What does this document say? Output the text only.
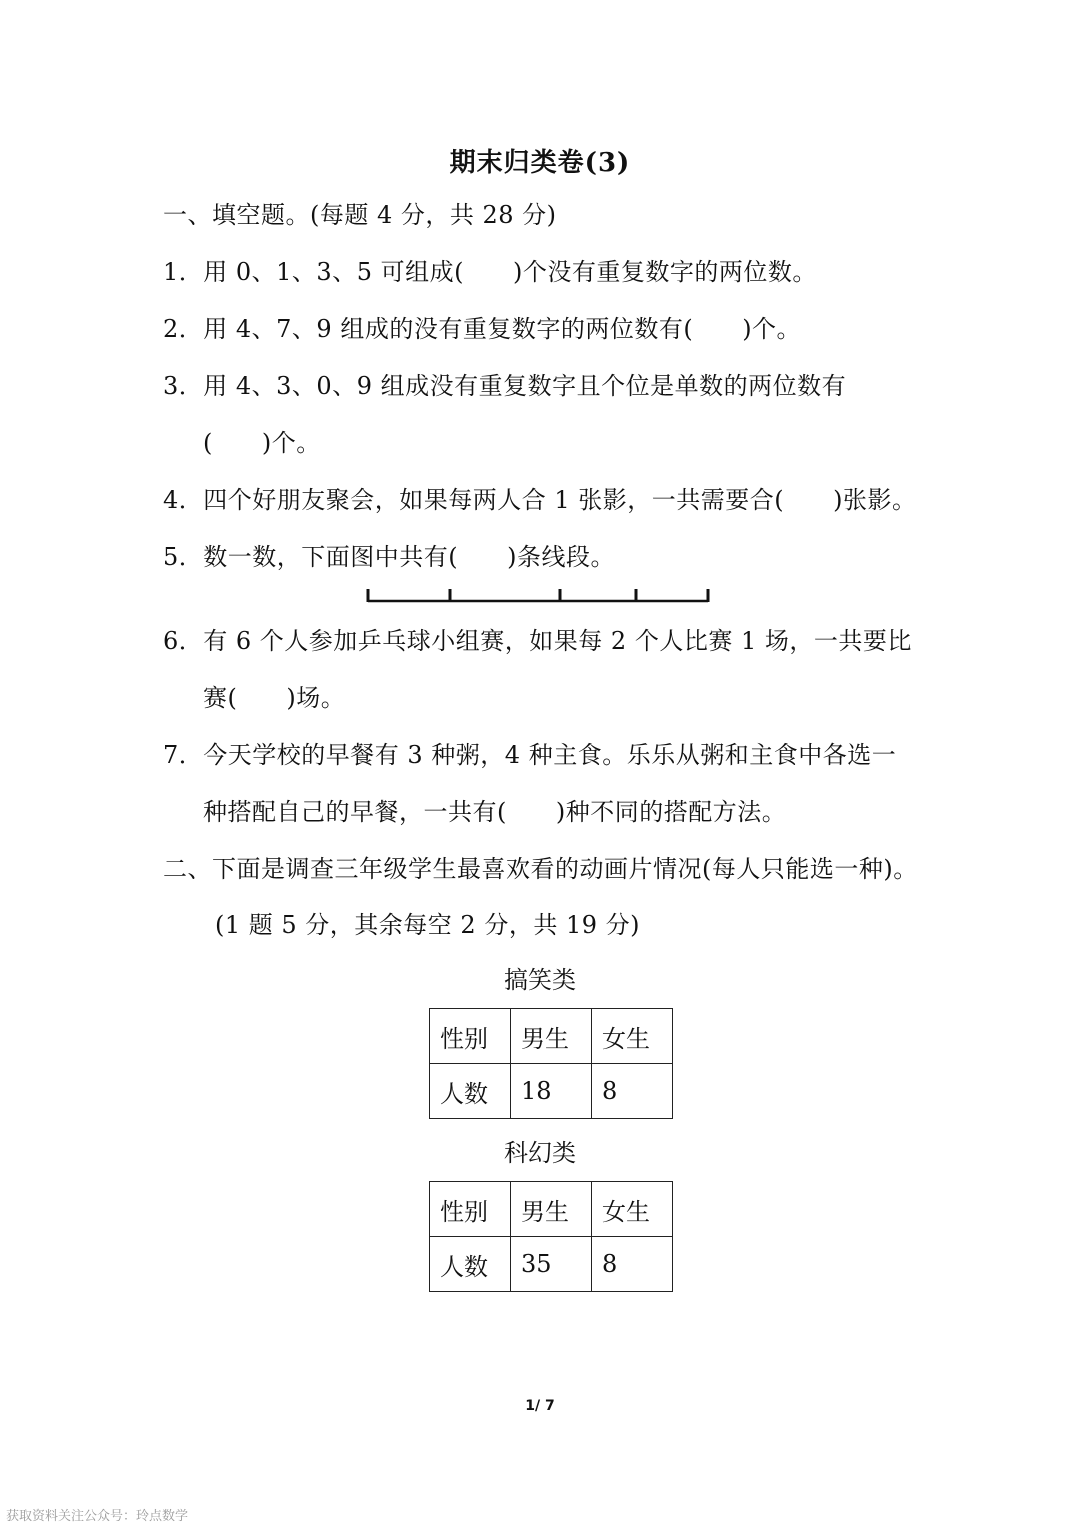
期末归类卷(3)
一、填空题。(每题 4 分，共 28 分)
1．用 0、1、3、5 可组成(　　)个没有重复数字的两位数。
2．用 4、7、9 组成的没有重复数字的两位数有(　　)个。
3．用 4、3、0、9 组成没有重复数字且个位是单数的两位数有
(　　)个。
4．四个好朋友聚会，如果每两人合 1 张影，一共需要合(　　)张影。
5．数一数，下面图中共有(　　)条线段。
6．有 6 个人参加乒乓球小组赛，如果每 2 个人比赛 1 场，一共要比
赛(　　)场。
7．今天学校的早餐有 3 种粥，4 种主食。乐乐从粥和主食中各选一
种搭配自己的早餐，一共有(　　)种不同的搭配方法。
二、下面是调查三年级学生最喜欢看的动画片情况(每人只能选一种)。
(1 题 5 分，其余每空 2 分，共 19 分)
搞笑类
性别	男生	女生
人数	18	8
科幻类
性别	男生	女生
人数	35	8
1/ 7
获取资料关注公众号：玲点数学
